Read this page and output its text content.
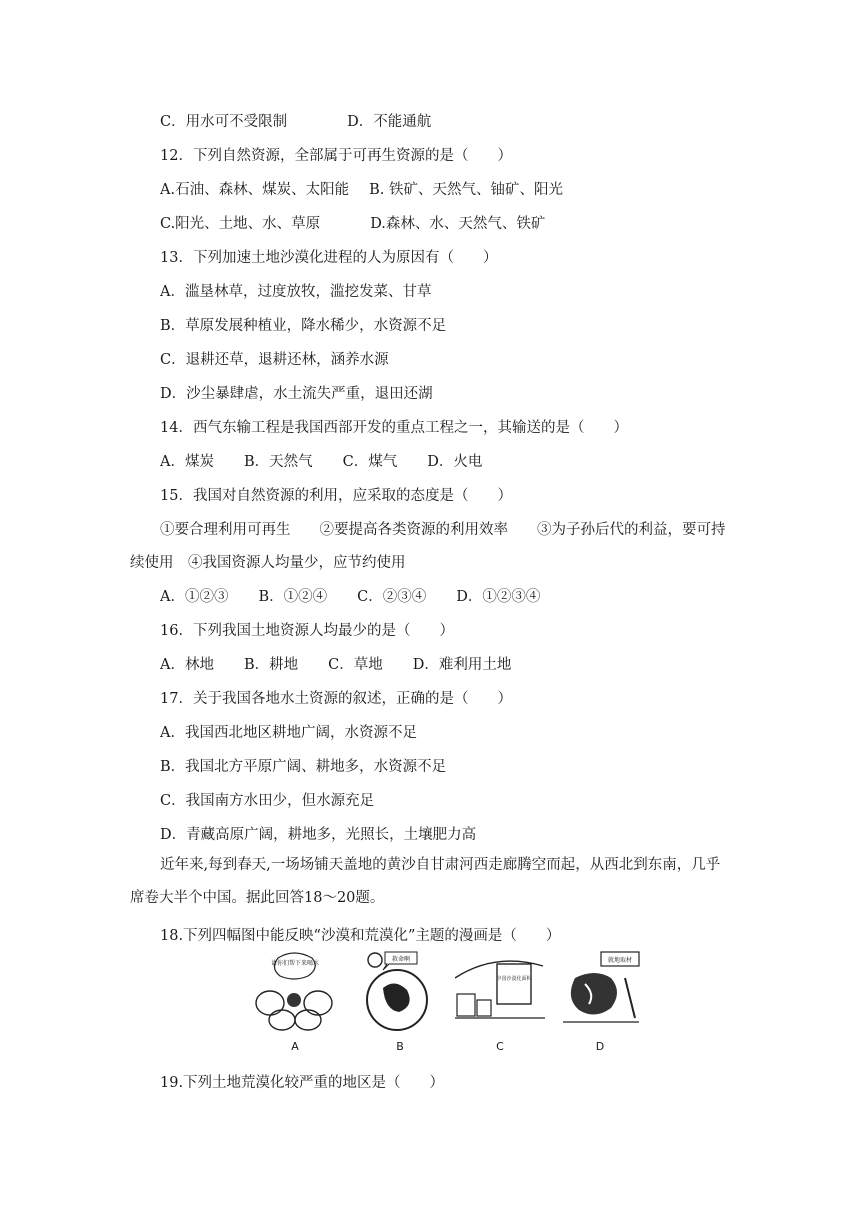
C．用水可不受限制	D．不能通航
12．下列自然资源，全部属于可再生资源的是（　　）
A.石油、森林、煤炭、太阳能 B. 铁矿、天然气、铀矿、阳光
C.阳光、土地、水、草原	D.森林、水、天然气、铁矿
13．下列加速土地沙漠化进程的人为原因有（　　）
A．滥垦林草，过度放牧，滥挖发菜、甘草
B．草原发展种植业，降水稀少，水资源不足
C．退耕还草，退耕还林，涵养水源
D．沙尘暴肆虐，水土流失严重，退田还湖
14．西气东输工程是我国西部开发的重点工程之一，其输送的是（　　）
A．煤炭 B．天然气 C．煤气 D．火电
15．我国对自然资源的利用，应采取的态度是（　　）
A．①②③ B．①②④ C．②③④ D．①②③④
16．下列我国土地资源人均最少的是（　　）
A．林地 B．耕地 C．草地 D．难利用土地
17．关于我国各地水土资源的叙述，正确的是（　　）
A．我国西北地区耕地广阔，水资源不足
B．我国北方平原广阔、耕地多，水资源不足
C．我国南方水田少，但水源充足
D．青藏高原广阔，耕地多，光照长，土壤肥力高
18.下列四幅图中能反映“沙漠和荒漠化”主题的漫画是（　　）
19.下列土地荒漠化较严重的地区是（　　）
①要合理利用可再生　　②要提高各类资源的利用效率　　③为子孙后代的利益，要可持续使用　④我国资源人均量少，应节约使用
近年来,每到春天,一场场铺天盖地的黄沙自甘肃河西走廊腾空而起，从西北到东南，几乎席卷大半个中国。据此回答18～20题。
请你们帮下来喝水
A
救命啊
B
中国沙漠化面积
C
就地取材
D
